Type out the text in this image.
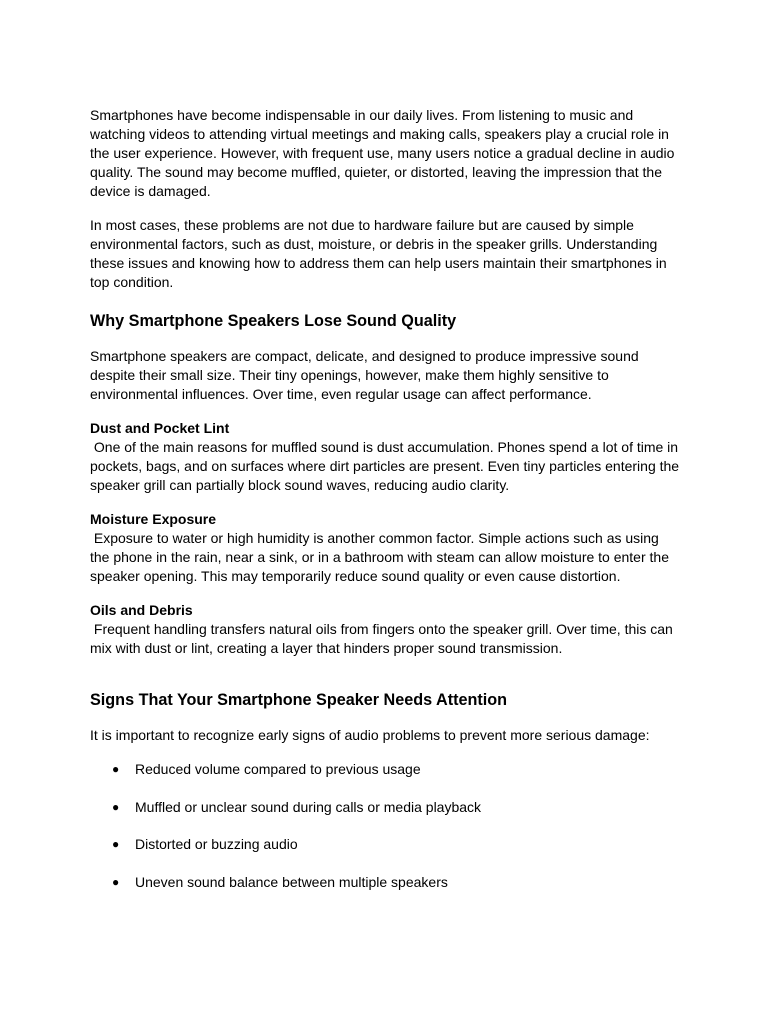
Smartphones have become indispensable in our daily lives. From listening to music and watching videos to attending virtual meetings and making calls, speakers play a crucial role in the user experience. However, with frequent use, many users notice a gradual decline in audio quality. The sound may become muffled, quieter, or distorted, leaving the impression that the device is damaged.

In most cases, these problems are not due to hardware failure but are caused by simple environmental factors, such as dust, moisture, or debris in the speaker grills. Understanding these issues and knowing how to address them can help users maintain their smartphones in top condition.

Why Smartphone Speakers Lose Sound Quality

Smartphone speakers are compact, delicate, and designed to produce impressive sound despite their small size. Their tiny openings, however, make them highly sensitive to environmental influences. Over time, even regular usage can affect performance.

Dust and Pocket Lint

One of the main reasons for muffled sound is dust accumulation. Phones spend a lot of time in pockets, bags, and on surfaces where dirt particles are present. Even tiny particles entering the speaker grill can partially block sound waves, reducing audio clarity.

Moisture Exposure

Exposure to water or high humidity is another common factor. Simple actions such as using the phone in the rain, near a sink, or in a bathroom with steam can allow moisture to enter the speaker opening. This may temporarily reduce sound quality or even cause distortion.

Oils and Debris

Frequent handling transfers natural oils from fingers onto the speaker grill. Over time, this can mix with dust or lint, creating a layer that hinders proper sound transmission.

Signs That Your Smartphone Speaker Needs Attention

It is important to recognize early signs of audio problems to prevent more serious damage:

● Reduced volume compared to previous usage
● Muffled or unclear sound during calls or media playback
● Distorted or buzzing audio
● Uneven sound balance between multiple speakers
